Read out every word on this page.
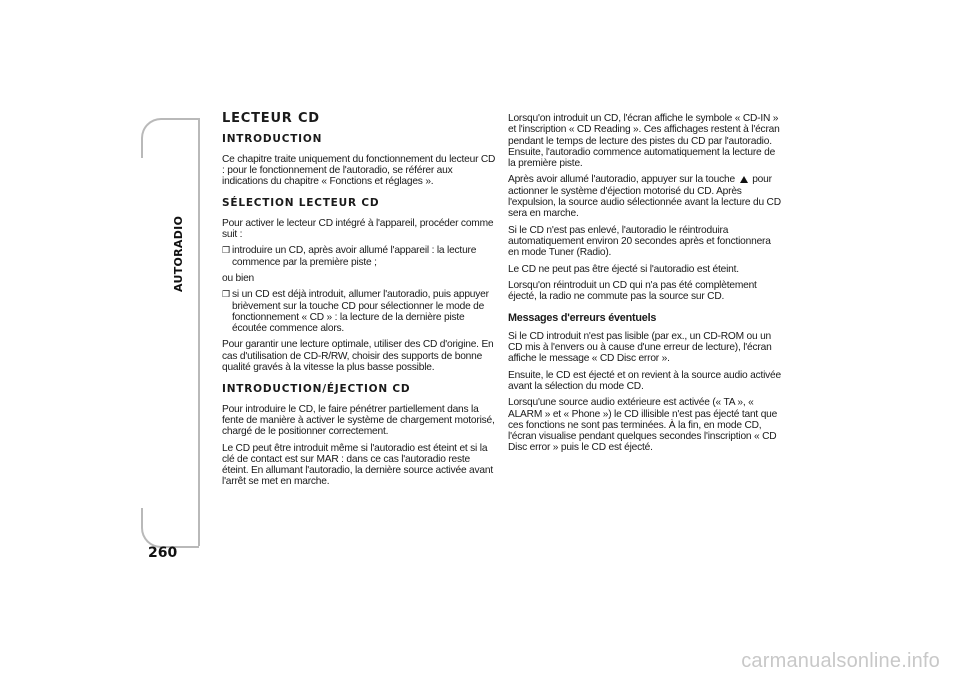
AUTORADIO
260
LECTEUR CD
INTRODUCTION

Ce chapitre traite uniquement du fonctionnement du lecteur CD : pour le fonctionnement de l'autoradio, se référer aux indications du chapitre « Fonctions et réglages ».

SÉLECTION LECTEUR CD

Pour activer le lecteur CD intégré à l'appareil, procéder comme suit :

❒ introduire un CD, après avoir allumé l'appareil : la lecture commence par la première piste ;

ou bien

❒ si un CD est déjà introduit, allumer l'autoradio, puis appuyer brièvement sur la touche CD pour sélectionner le mode de fonctionnement « CD » : la lecture de la dernière piste écoutée commence alors.

Pour garantir une lecture optimale, utiliser des CD d'origine. En cas d'utilisation de CD-R/RW, choisir des supports de bonne qualité gravés à la vitesse la plus basse possible.

INTRODUCTION/ÉJECTION CD

Pour introduire le CD, le faire pénétrer partiellement dans la fente de manière à activer le système de chargement motorisé, chargé de le positionner correctement.

Le CD peut être introduit même si l'autoradio est éteint et si la clé de contact est sur MAR : dans ce cas l'autoradio reste éteint. En allumant l'autoradio, la dernière source activée avant l'arrêt se met en marche.

Lorsqu'on introduit un CD, l'écran affiche le symbole « CD-IN » et l'inscription « CD Reading ». Ces affichages restent à l'écran pendant le temps de lecture des pistes du CD par l'autoradio. Ensuite, l'autoradio commence automatiquement la lecture de la première piste.

Après avoir allumé l'autoradio, appuyer sur la touche pour actionner le système d'éjection motorisé du CD. Après l'expulsion, la source audio sélectionnée avant la lecture du CD sera en marche.

Si le CD n'est pas enlevé, l'autoradio le réintroduira automatiquement environ 20 secondes après et fonctionnera en mode Tuner (Radio).

Le CD ne peut pas être éjecté si l'autoradio est éteint.

Lorsqu'on réintroduit un CD qui n'a pas été complètement éjecté, la radio ne commute pas la source sur CD.

Messages d'erreurs éventuels

Si le CD introduit n'est pas lisible (par ex., un CD-ROM ou un CD mis à l'envers ou à cause d'une erreur de lecture), l'écran affiche le message « CD Disc error ».

Ensuite, le CD est éjecté et on revient à la source audio activée avant la sélection du mode CD.

Lorsqu'une source audio extérieure est activée (« TA », « ALARM » et « Phone ») le CD illisible n'est pas éjecté tant que ces fonctions ne sont pas terminées. À la fin, en mode CD, l'écran visualise pendant quelques secondes l'inscription « CD Disc error » puis le CD est éjecté.

carmanualsonline.info
